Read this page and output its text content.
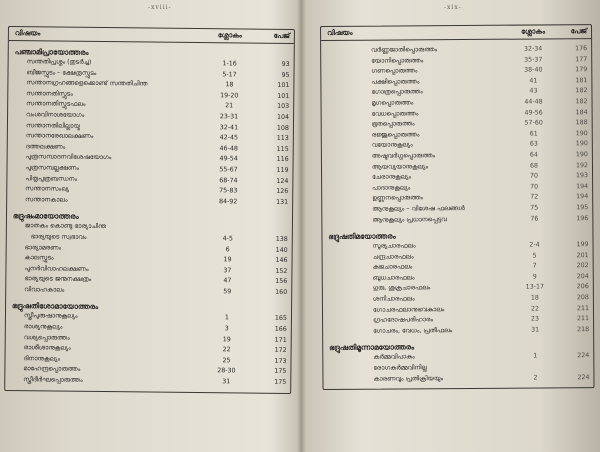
-xviii-	-xix-
വിഷയം	ശ്ലോകം	പേജ്
പഞ്ചാമിപ്രായോത്തരം
സന്തതിപ്രശ്നം (തുടർച്ച)	1-16	93
ബീജസ്ഫുടം – ക്ഷേത്രസ്ഫുടം	5-17	95
സന്താനഗ്രഹങ്ങളെക്കൊണ്ട് സന്തതിചിന്ത	18	101
സന്താനതിസ്ഫുടം	19-20	101
സന്താനതിസ്ഫുടഫലം	21	103
വംശവിനാശയോഗം	23-31	104
സന്താനതിലില്ലായ്മ	32-41	108
സന്താനരേഖാലക്ഷണം	42-45	113
ദത്തലക്ഷണം	46-48	115
പുത്രസമ്പാദനവിശേഷയോഗം	49-54	116
പുത്രസമ്പല്ലക്ഷണം	55-67	119
പിതൃപുത്രബന്ധനം	68-74	124
സന്താനസംഖ്യ	75-83	126
സന്താനകാലം	84-92	131
ഭദ്രുഷംമായോത്തരം
ജാതകം കൊണ്ടു ഭാര്യാചിന്ത
ഭാര്യയുടെ സ്വഭാവം	4-5	138
ഭാര്യാമരണം	6	140
കാലസ്ഫുടം	19	146
പുനർവിവാഹലക്ഷണം	37	152
ഭാര്യയുടെ ജന്മനക്ഷത്രം	47	156
വിവാഹകാലം	59	160
ഭദ്രുഷതിശോമായോത്തരം
സ്ത്രീപുരുഷാനുകൂല്യം	1	165
രാശ്യനുകൂല്യം	3	166
വശ്യപ്പൊരുത്തം	19	171
രാശീശാനുകൂല്യം	22	172
ദിനാനുകൂല്യം	25	173
മാഹേന്ദ്രപ്പൊരുത്തം	28-30	175
സ്ത്രീദീർഘപ്പൊരുത്തം	31	175
വിഷയം	ശ്ലോകം	പേജ്
വർണ്ണജാതിപ്പൊരുത്തം	32-34	176
യോനിപ്പൊരുത്തം	35-37	177
ഗണപ്പൊരുത്തം	38-40	179
പക്ഷിപ്പൊരുത്തം	41	181
ഗോത്രപ്പൊരുത്തം	43	182
മൃഗപ്പൊരുത്തം	44-48	182
വേധപ്പൊരുത്തം	49-56	184
ഭൂതപ്പൊരുത്തം	57-60	188
രജ്ജുപ്പൊരുത്തം	61	190
വയോനുകൂല്യം	63	190
അഷ്ടവർഗ്ഗപ്പൊരുത്തം	64	190
ആയവ്യയാനുകൂല്യം	68	192
ചേരാനുകൂല്യം	70	193
പാദാനുകൂല്യം	70	194
ഉണ്ണനപ്പൊരുത്തം	72	194
ആനുകൂല്യം – വിശേഷ ഫലങ്ങൾ	75	195
ആനുകൂല്യം പ്രധാനപ്പെട്ടവ	76	196
ഭദ്രുഷതിമയോത്തരം
സൂര്യചാരഫലം	2-4	199
ചന്ദ്രചാരഫലം	5	201
കുജചാരഫലം	7	202
ബുധചാരഫലം	9	204
ഗുരു, ശുക്രചാരഫലം	13-17	206
ശനിചാരഫലം	18	208
ഗോചരഫലാനുഭവകാലം	22	211
ഗ്രഹദോഷപരിഹാരം	23	211
ഗോചരം, വേധം, പ്രതീഫലം	31	218
ഭദ്രുഷതിമൂന്നാമയോത്തരം
കർമ്മവിപാകം	1	224
രോഗകർമ്മവിനില്ല
കാരണവും പ്രതിക്രിയയും	2	224
